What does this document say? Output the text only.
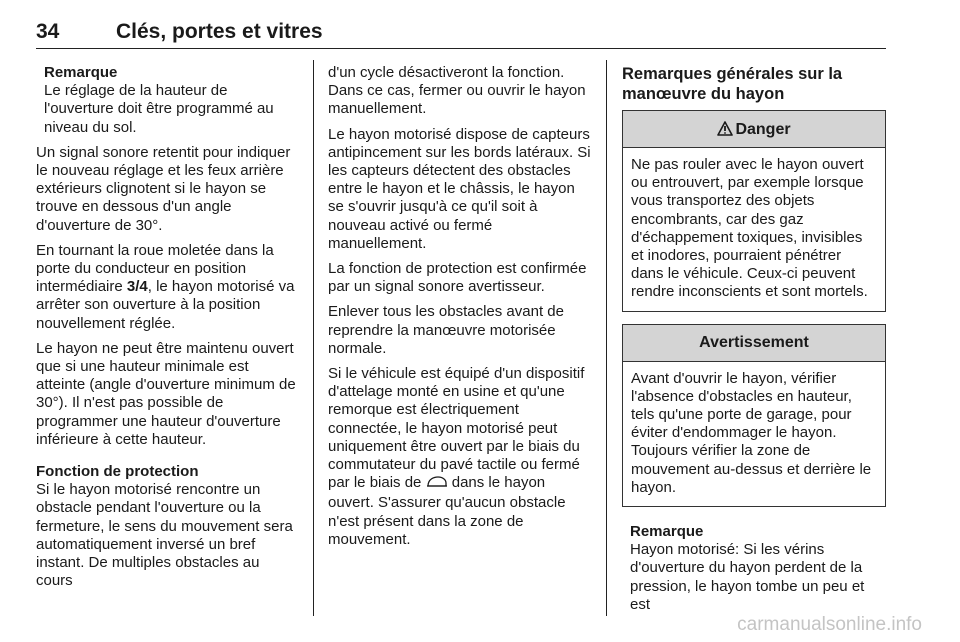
34	Clés, portes et vitres
Remarque

Le réglage de la hauteur de l'ouverture doit être programmé au niveau du sol.

Un signal sonore retentit pour indiquer le nouveau réglage et les feux arrière extérieurs clignotent si le hayon se trouve en dessous d'un angle d'ouverture de 30°.

En tournant la roue moletée dans la porte du conducteur en position intermédiaire 3/4, le hayon motorisé va arrêter son ouverture à la position nouvellement réglée.

Le hayon ne peut être maintenu ouvert que si une hauteur minimale est atteinte (angle d'ouverture minimum de 30°). Il n'est pas possible de programmer une hauteur d'ouverture inférieure à cette hauteur.

Fonction de protection

Si le hayon motorisé rencontre un obstacle pendant l'ouverture ou la fermeture, le sens du mouvement sera automatiquement inversé un bref instant. De multiples obstacles au cours

d'un cycle désactiveront la fonction. Dans ce cas, fermer ou ouvrir le hayon manuellement.

Le hayon motorisé dispose de capteurs antipincement sur les bords latéraux. Si les capteurs détectent des obstacles entre le hayon et le châssis, le hayon se s'ouvrir jusqu'à ce qu'il soit à nouveau activé ou fermé manuellement.

La fonction de protection est confirmée par un signal sonore avertisseur.

Enlever tous les obstacles avant de reprendre la manœuvre motorisée normale.

Si le véhicule est équipé d'un dispositif d'attelage monté en usine et qu'une remorque est électriquement connectée, le hayon motorisé peut uniquement être ouvert par le biais du commutateur du pavé tactile ou fermé par le biais de  dans le hayon ouvert. S'assurer qu'aucun obstacle n'est présent dans la zone de mouvement.

Remarques générales sur la manœuvre du hayon
Danger
Ne pas rouler avec le hayon ouvert ou entrouvert, par exemple lorsque vous transportez des objets encombrants, car des gaz d'échappement toxiques, invisibles et inodores, pourraient pénétrer dans le véhicule. Ceux-ci peuvent rendre inconscients et sont mortels.
Avertissement
Avant d'ouvrir le hayon, vérifier l'absence d'obstacles en hauteur, tels qu'une porte de garage, pour éviter d'endommager le hayon. Toujours vérifier la zone de mouvement au-dessus et derrière le hayon.
Remarque

Hayon motorisé: Si les vérins d'ouverture du hayon perdent de la pression, le hayon tombe un peu et est

carmanualsonline.info
